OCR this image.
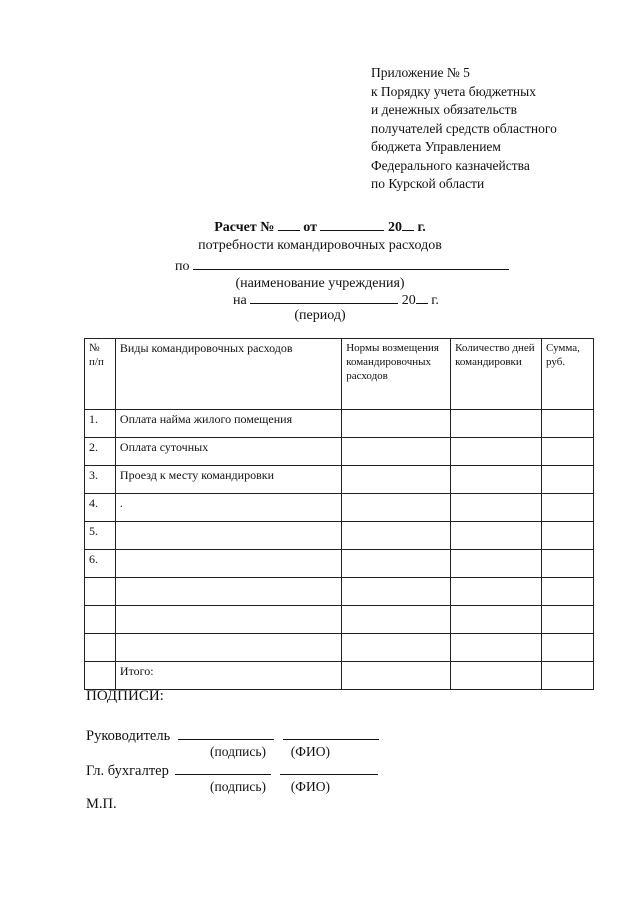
Приложение № 5
к Порядку учета бюджетных
и денежных обязательств
получателей средств областного
бюджета Управлением
Федерального казначейства
по Курской области
Расчет № от	20 г.
потребности командировочных расходов
по
(наименование учреждения)
на	20 г.
(период)
№ п/п	Виды командировочных расходов	Нормы возмещения командировочных расходов	Количество дней командировки	Сумма, руб.
1.	Оплата найма жилого помещения			
2.	Оплата суточных			
3.	Проезд к месту командировки			
4.	.			
5.				
6.				

	Итого:			
ПОДПИСИ:
Руководитель
(подпись) (ФИО)
Гл. бухгалтер
(подпись) (ФИО)
М.П.
